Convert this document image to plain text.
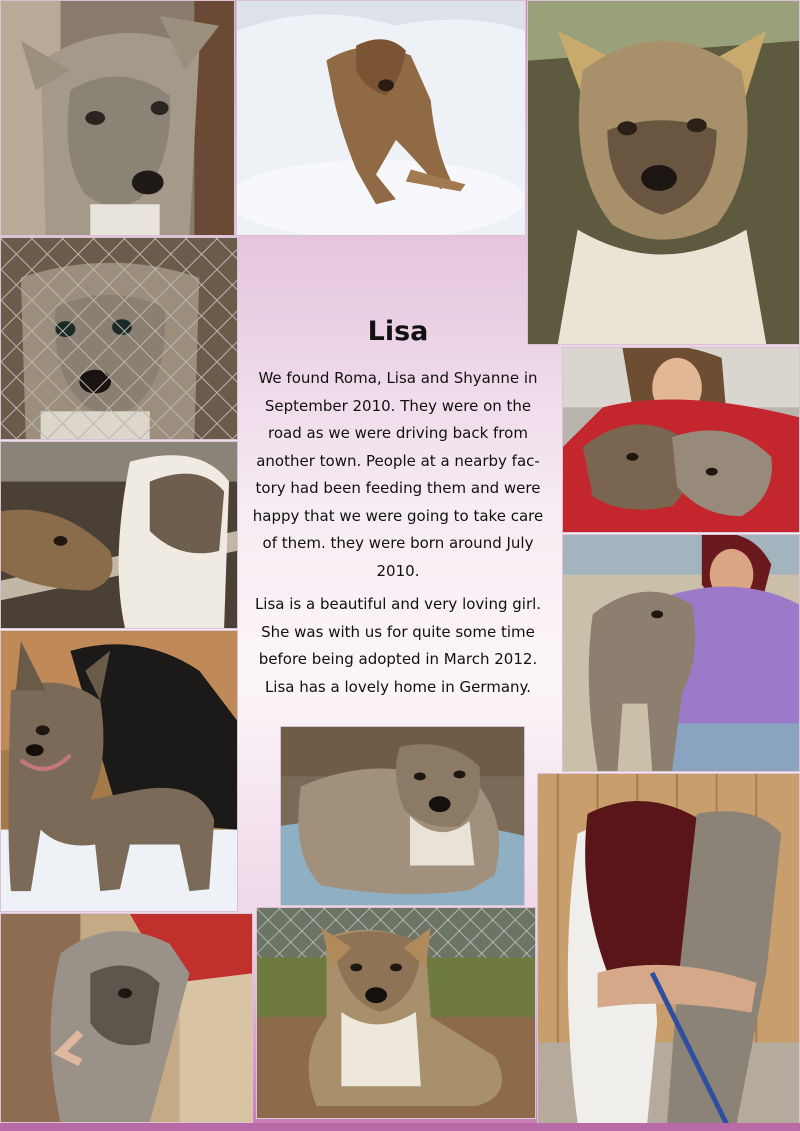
Lisa

We found Roma, Lisa and Shyanne in September 2010. They were on the road as we were driving back from another town. People at a nearby fac-tory had been feeding them and were happy that we were going to take care of them. they were born around July 2010.

Lisa is a beautiful and very loving girl. She was with us for quite some time before being adopted in March 2012. Lisa has a lovely home in Germany.
